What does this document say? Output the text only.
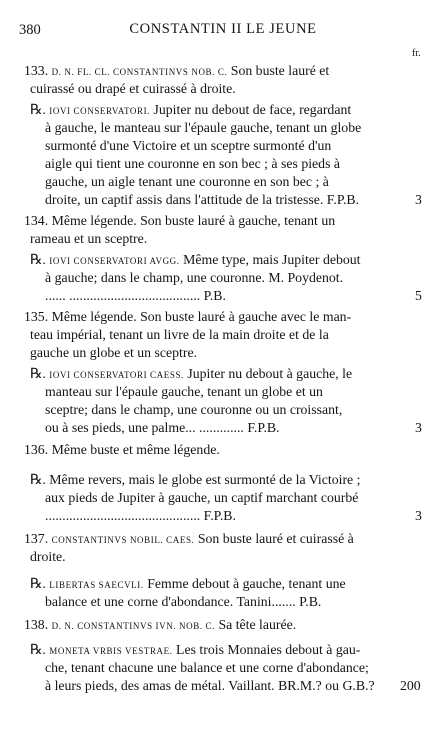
380	CONSTANTIN II LE JEUNE
fr.
133. D. N. FL. CL. CONSTANTINVS NOB. C. Son buste lauré et
cuirassé ou drapé et cuirassé à droite.
℞. IOVI CONSERVATORI. Jupiter nu debout de face, regardant
à gauche, le manteau sur l'épaule gauche, tenant un globe
surmonté d'une Victoire et un sceptre surmonté d'un
aigle qui tient une couronne en son bec ; à ses pieds à
gauche, un aigle tenant une couronne en son bec ; à
droite, un captif assis dans l'attitude de la tristesse. F.P.B.	3
134. Même légende. Son buste lauré à gauche, tenant un
rameau et un sceptre.
℞. IOVI CONSERVATORI AVGG. Même type, mais Jupiter debout
à gauche; dans le champ, une couronne. M. Poydenot.
...... ...................................... P.B.	5
135. Même légende. Son buste lauré à gauche avec le man-
teau impérial, tenant un livre de la main droite et de la
gauche un globe et un sceptre.
℞. IOVI CONSERVATORI CAESS. Jupiter nu debout à gauche, le
manteau sur l'épaule gauche, tenant un globe et un
sceptre; dans le champ, une couronne ou un croissant,
ou à ses pieds, une palme... ............. F.P.B.	3
136. Même buste et même légende.
℞. Même revers, mais le globe est surmonté de la Victoire ;
aux pieds de Jupiter à gauche, un captif marchant courbé
............................................. F.P.B.	3
137. CONSTANTINVS NOBIL. CAES. Son buste lauré et cuirassé à
droite.
℞. LIBERTAS SAECVLI. Femme debout à gauche, tenant une
balance et une corne d'abondance. Tanini....... P.B.
138. D. N. CONSTANTINVS IVN. NOB. C. Sa tête laurée.
℞. MONETA VRBIS VESTRAE. Les trois Monnaies debout à gau-
che, tenant chacune une balance et une corne d'abondance;
à leurs pieds, des amas de métal. Vaillant. BR.M.? ou G.B.? 200
